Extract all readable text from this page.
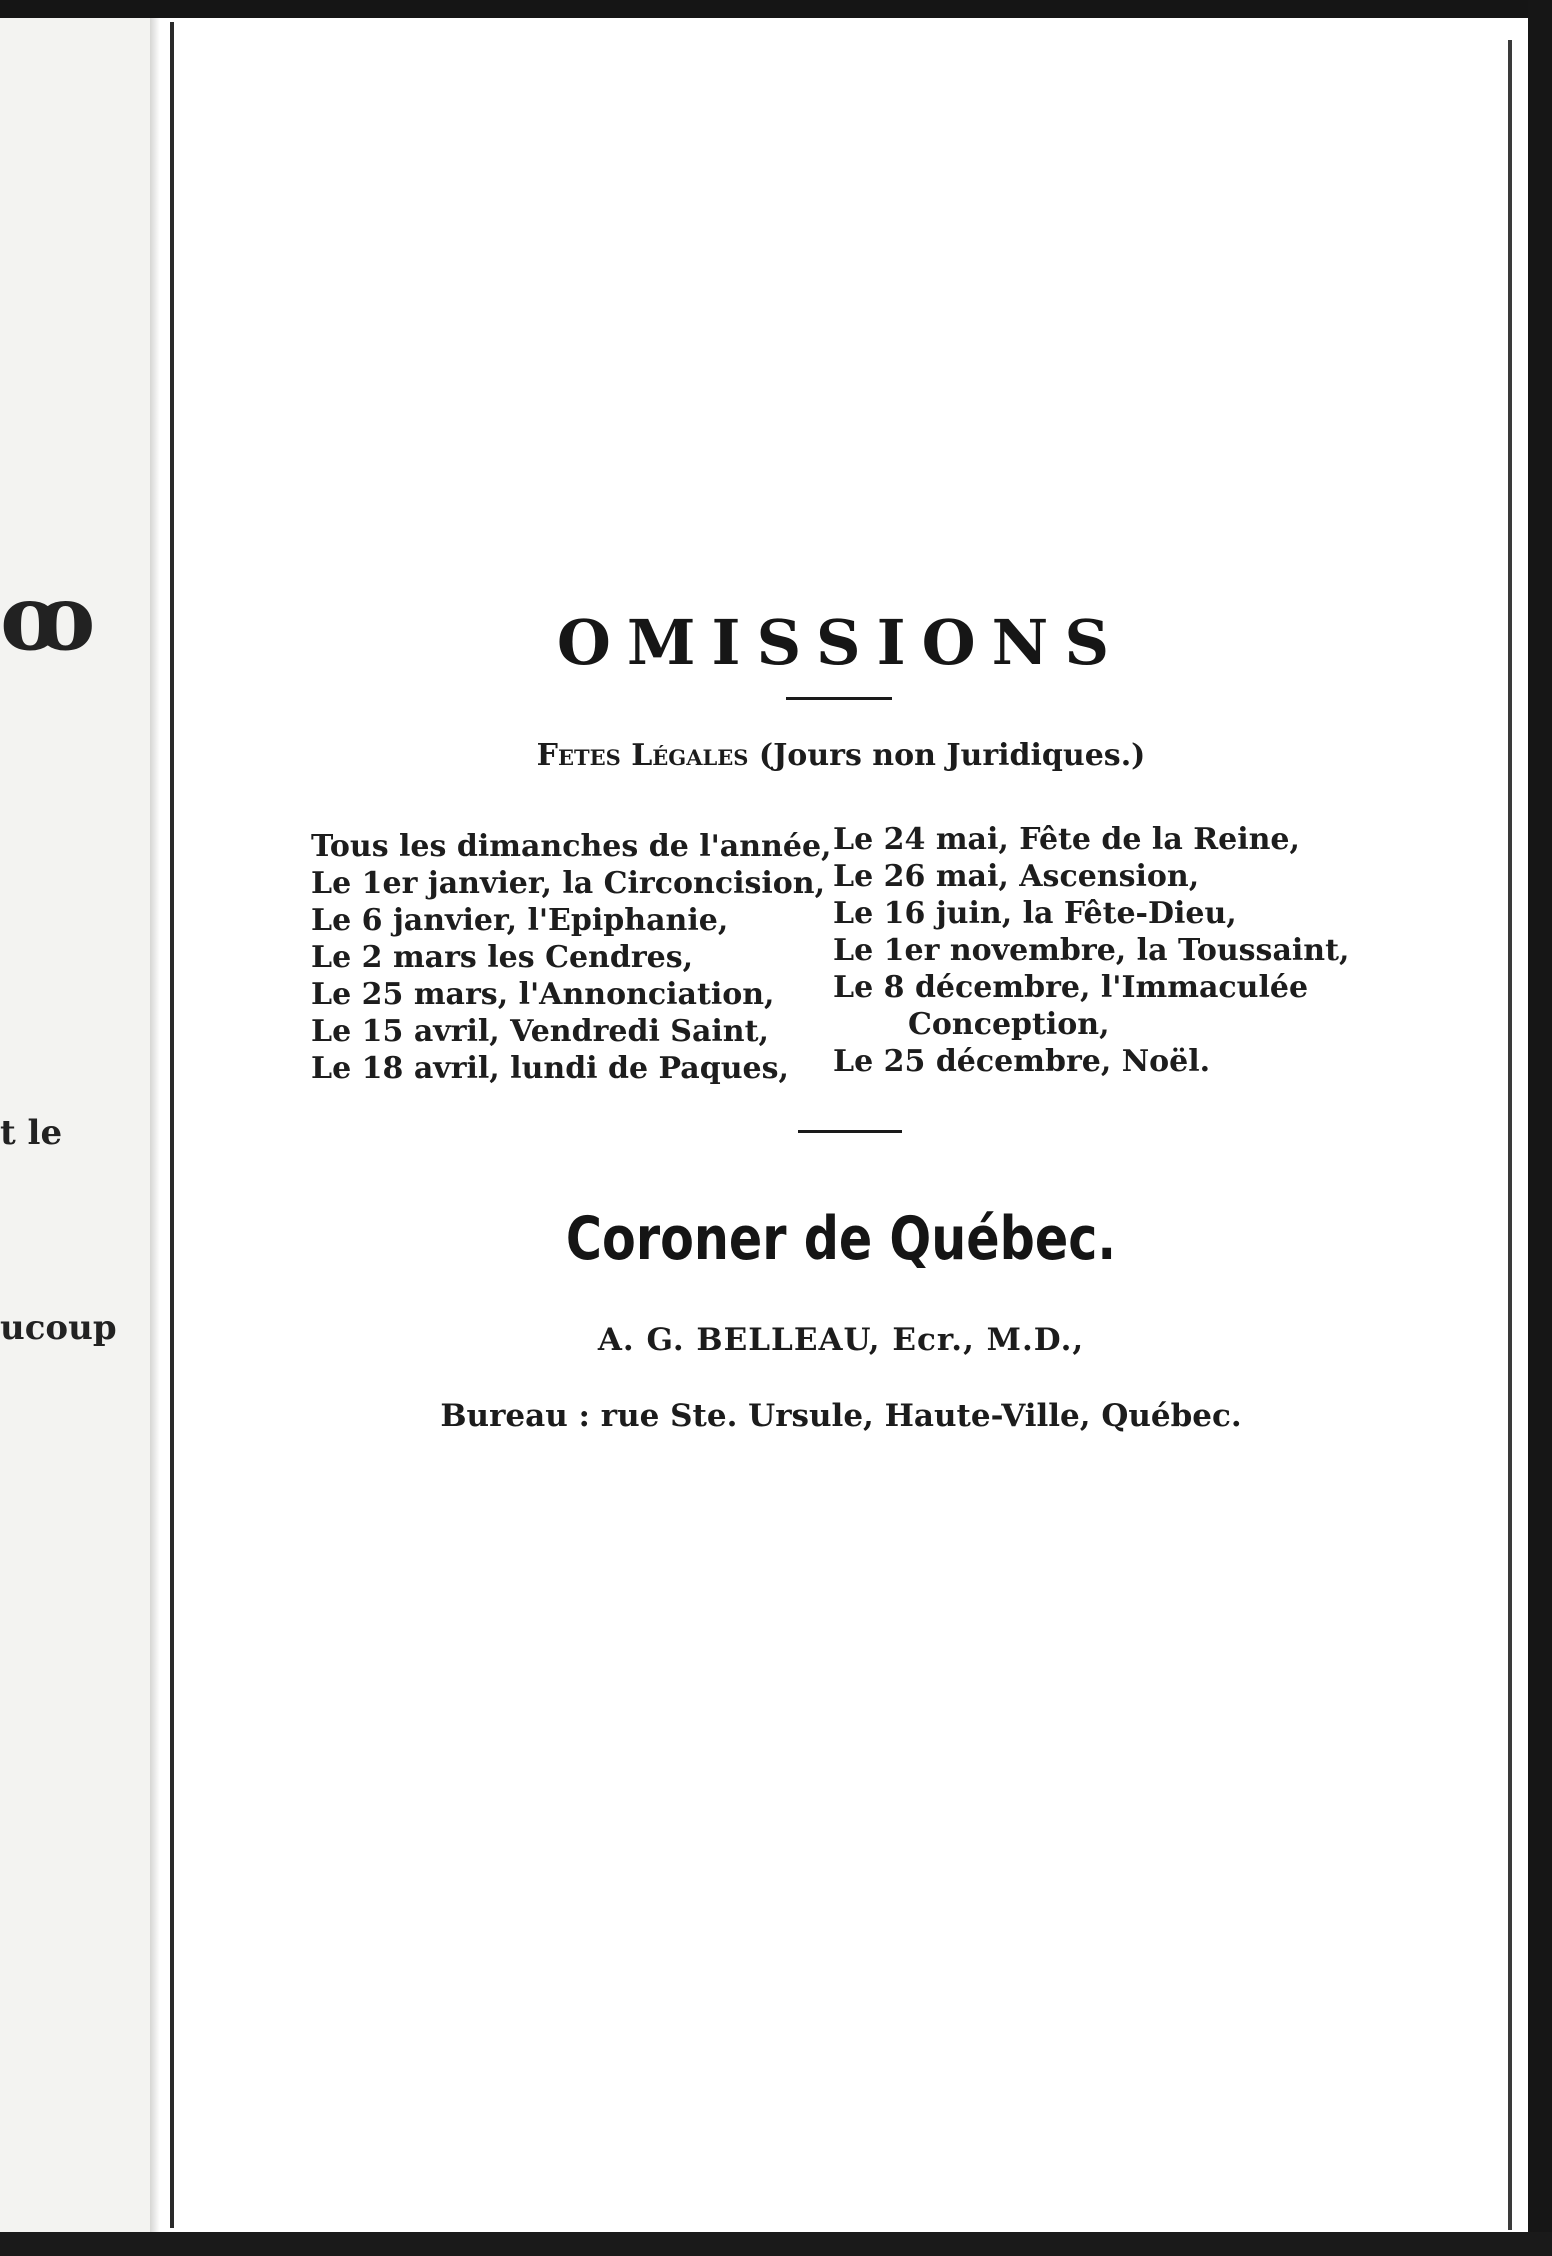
ꝏ
t le
ucoup
OMISSIONS
Fetes Légales (Jours non Juridiques.)
Tous les dimanches de l'année,
Le 1er janvier, la Circoncision,
Le 6 janvier, l'Epiphanie,
Le 2 mars les Cendres,
Le 25 mars, l'Annonciation,
Le 15 avril, Vendredi Saint,
Le 18 avril, lundi de Paques,
Le 24 mai, Fête de la Reine,
Le 26 mai, Ascension,
Le 16 juin, la Fête-Dieu,
Le 1er novembre, la Toussaint,
Le 8 décembre, l'Immaculée
Conception,
Le 25 décembre, Noël.
Coroner de Québec.
A. G. BELLEAU, Ecr., M.D.,
Bureau : rue Ste. Ursule, Haute-Ville, Québec.
